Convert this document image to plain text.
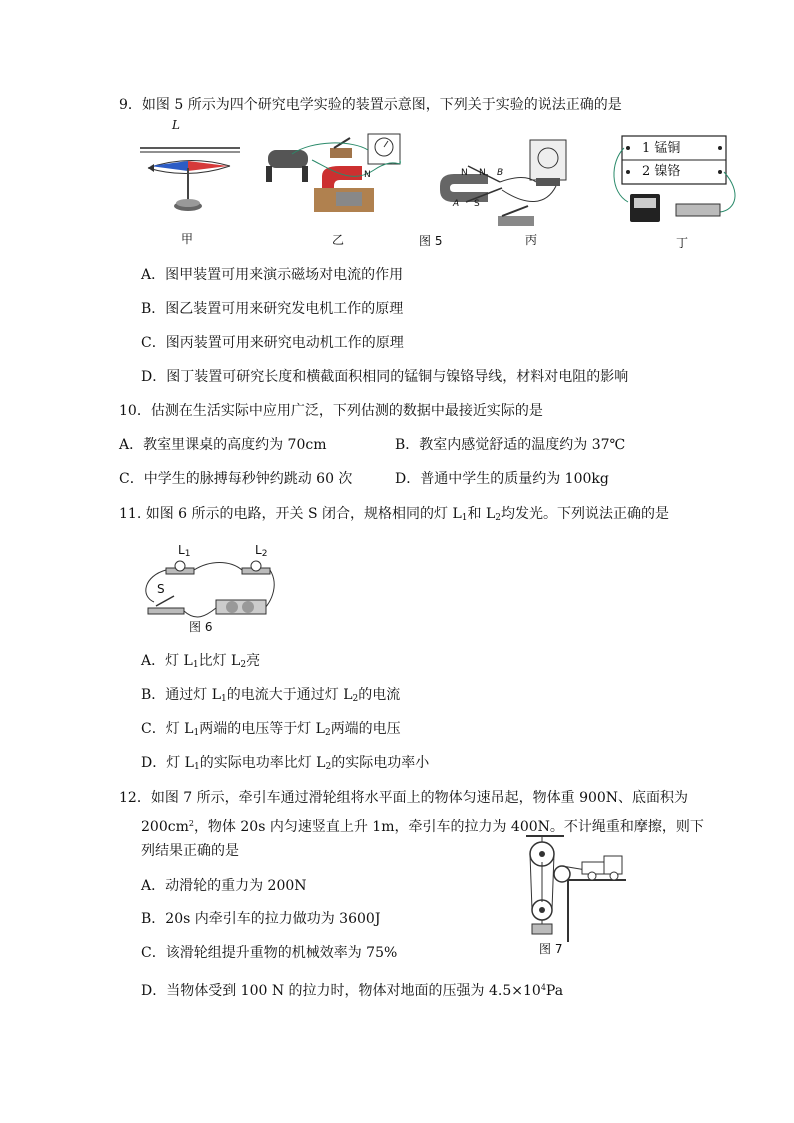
9．如图 5 所示为四个研究电学实验的装置示意图，下列关于实验的说法正确的是
L
甲
N
乙	图 5
N N B
A S
丙
1 锰铜
2 镍铬
丁
A．图甲装置可用来演示磁场对电流的作用
B．图乙装置可用来研究发电机工作的原理
C．图丙装置可用来研究电动机工作的原理
D．图丁装置可研究长度和横截面积相同的锰铜与镍铬导线，材料对电阻的影响
10．估测在生活实际中应用广泛，下列估测的数据中最接近实际的是
A．教室里课桌的高度约为 70cm	B．教室内感觉舒适的温度约为 37℃
C．中学生的脉搏每秒钟约跳动 60 次	D．普通中学生的质量约为 100kg
11. 如图 6 所示的电路，开关 S 闭合，规格相同的灯 $L_1$和 $L_2$均发光。下列说法正确的是
$L_1$	$L_2$
S
图 6
A．灯 $L_1$比灯 $L_2$亮
B．通过灯 $L_1$的电流大于通过灯 $L_2$的电流
C．灯 $L_1$两端的电压等于灯 $L_2$两端的电压
D．灯 $L_1$的实际电功率比灯 $L_2$的实际电功率小
12．如图 7 所示，牵引车通过滑轮组将水平面上的物体匀速吊起，物体重 900N、底面积为
$200cm^2$，物体 20s 内匀速竖直上升 1m，牵引车的拉力为 400N。不计绳重和摩擦，则下
列结果正确的是
图 7
A．动滑轮的重力为 200N
B．20s 内牵引车的拉力做功为 3600J
C．该滑轮组提升重物的机械效率为 75%
D．当物体受到 100 N 的拉力时，物体对地面的压强为 $4.5\times 10^4Pa$
